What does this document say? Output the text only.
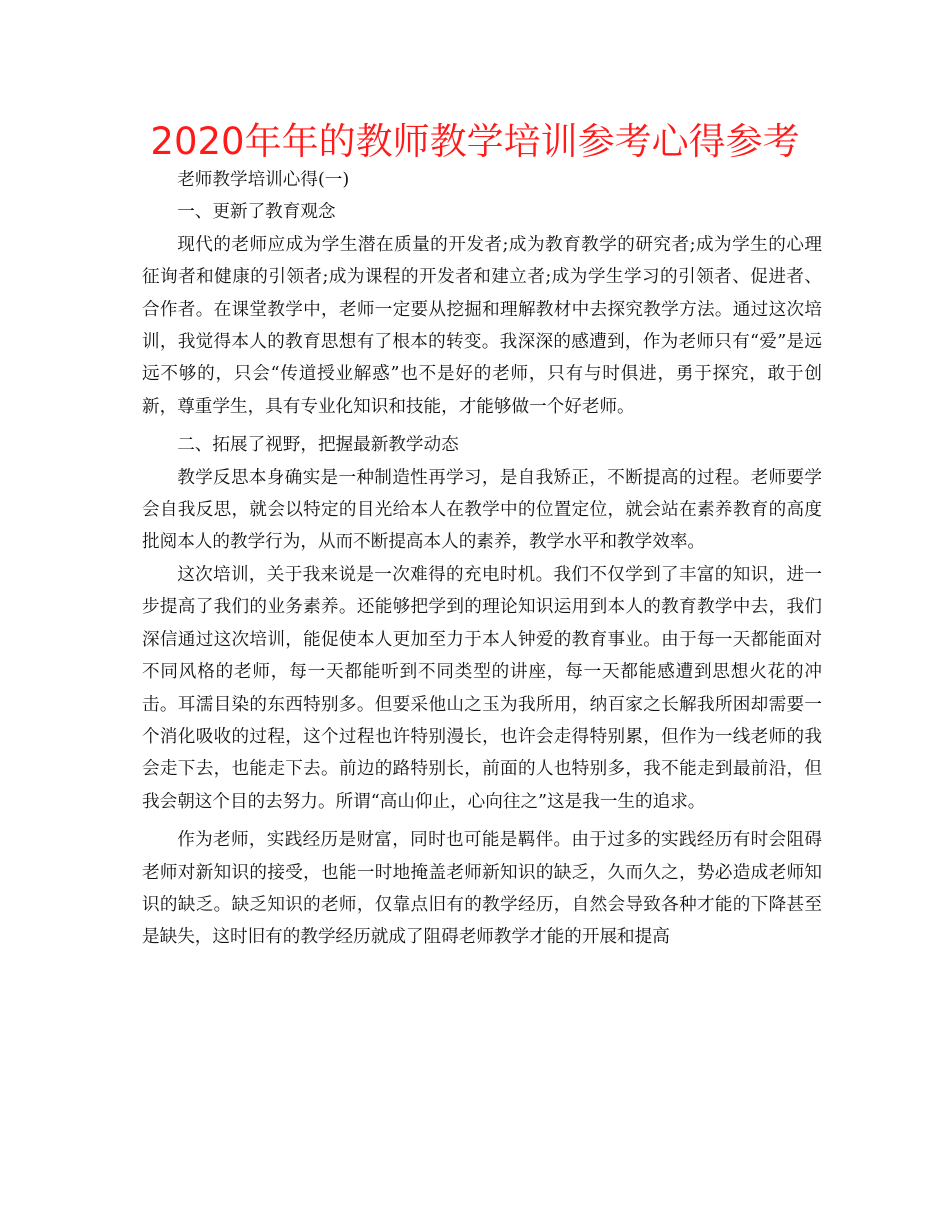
2020年年的教师教学培训参考心得参考

老师教学培训心得(一)

一、更新了教育观念

现代的老师应成为学生潜在质量的开发者;成为教育教学的研究者;成为学生的心理征询者和健康的引领者;成为课程的开发者和建立者;成为学生学习的引领者、促进者、合作者。在课堂教学中，老师一定要从挖掘和理解教材中去探究教学方法。通过这次培训，我觉得本人的教育思想有了根本的转变。我深深的感遭到，作为老师只有“爱”是远远不够的，只会“传道授业解惑”也不是好的老师，只有与时俱进，勇于探究，敢于创新，尊重学生，具有专业化知识和技能，才能够做一个好老师。

二、拓展了视野，把握最新教学动态

教学反思本身确实是一种制造性再学习，是自我矫正，不断提高的过程。老师要学会自我反思，就会以特定的目光给本人在教学中的位置定位，就会站在素养教育的高度批阅本人的教学行为，从而不断提高本人的素养，教学水平和教学效率。

这次培训，关于我来说是一次难得的充电时机。我们不仅学到了丰富的知识，进一步提高了我们的业务素养。还能够把学到的理论知识运用到本人的教育教学中去，我们深信通过这次培训，能促使本人更加至力于本人钟爱的教育事业。由于每一天都能面对不同风格的老师，每一天都能听到不同类型的讲座，每一天都能感遭到思想火花的冲击。耳濡目染的东西特别多。但要采他山之玉为我所用，纳百家之长解我所困却需要一个消化吸收的过程，这个过程也许特别漫长，也许会走得特别累，但作为一线老师的我会走下去，也能走下去。前边的路特别长，前面的人也特别多，我不能走到最前沿，但我会朝这个目的去努力。所谓“高山仰止，心向往之”这是我一生的追求。

作为老师，实践经历是财富，同时也可能是羁伴。由于过多的实践经历有时会阻碍老师对新知识的接受，也能一时地掩盖老师新知识的缺乏，久而久之，势必造成老师知识的缺乏。缺乏知识的老师，仅靠点旧有的教学经历，自然会导致各种才能的下降甚至是缺失，这时旧有的教学经历就成了阻碍老师教学才能的开展和提高
